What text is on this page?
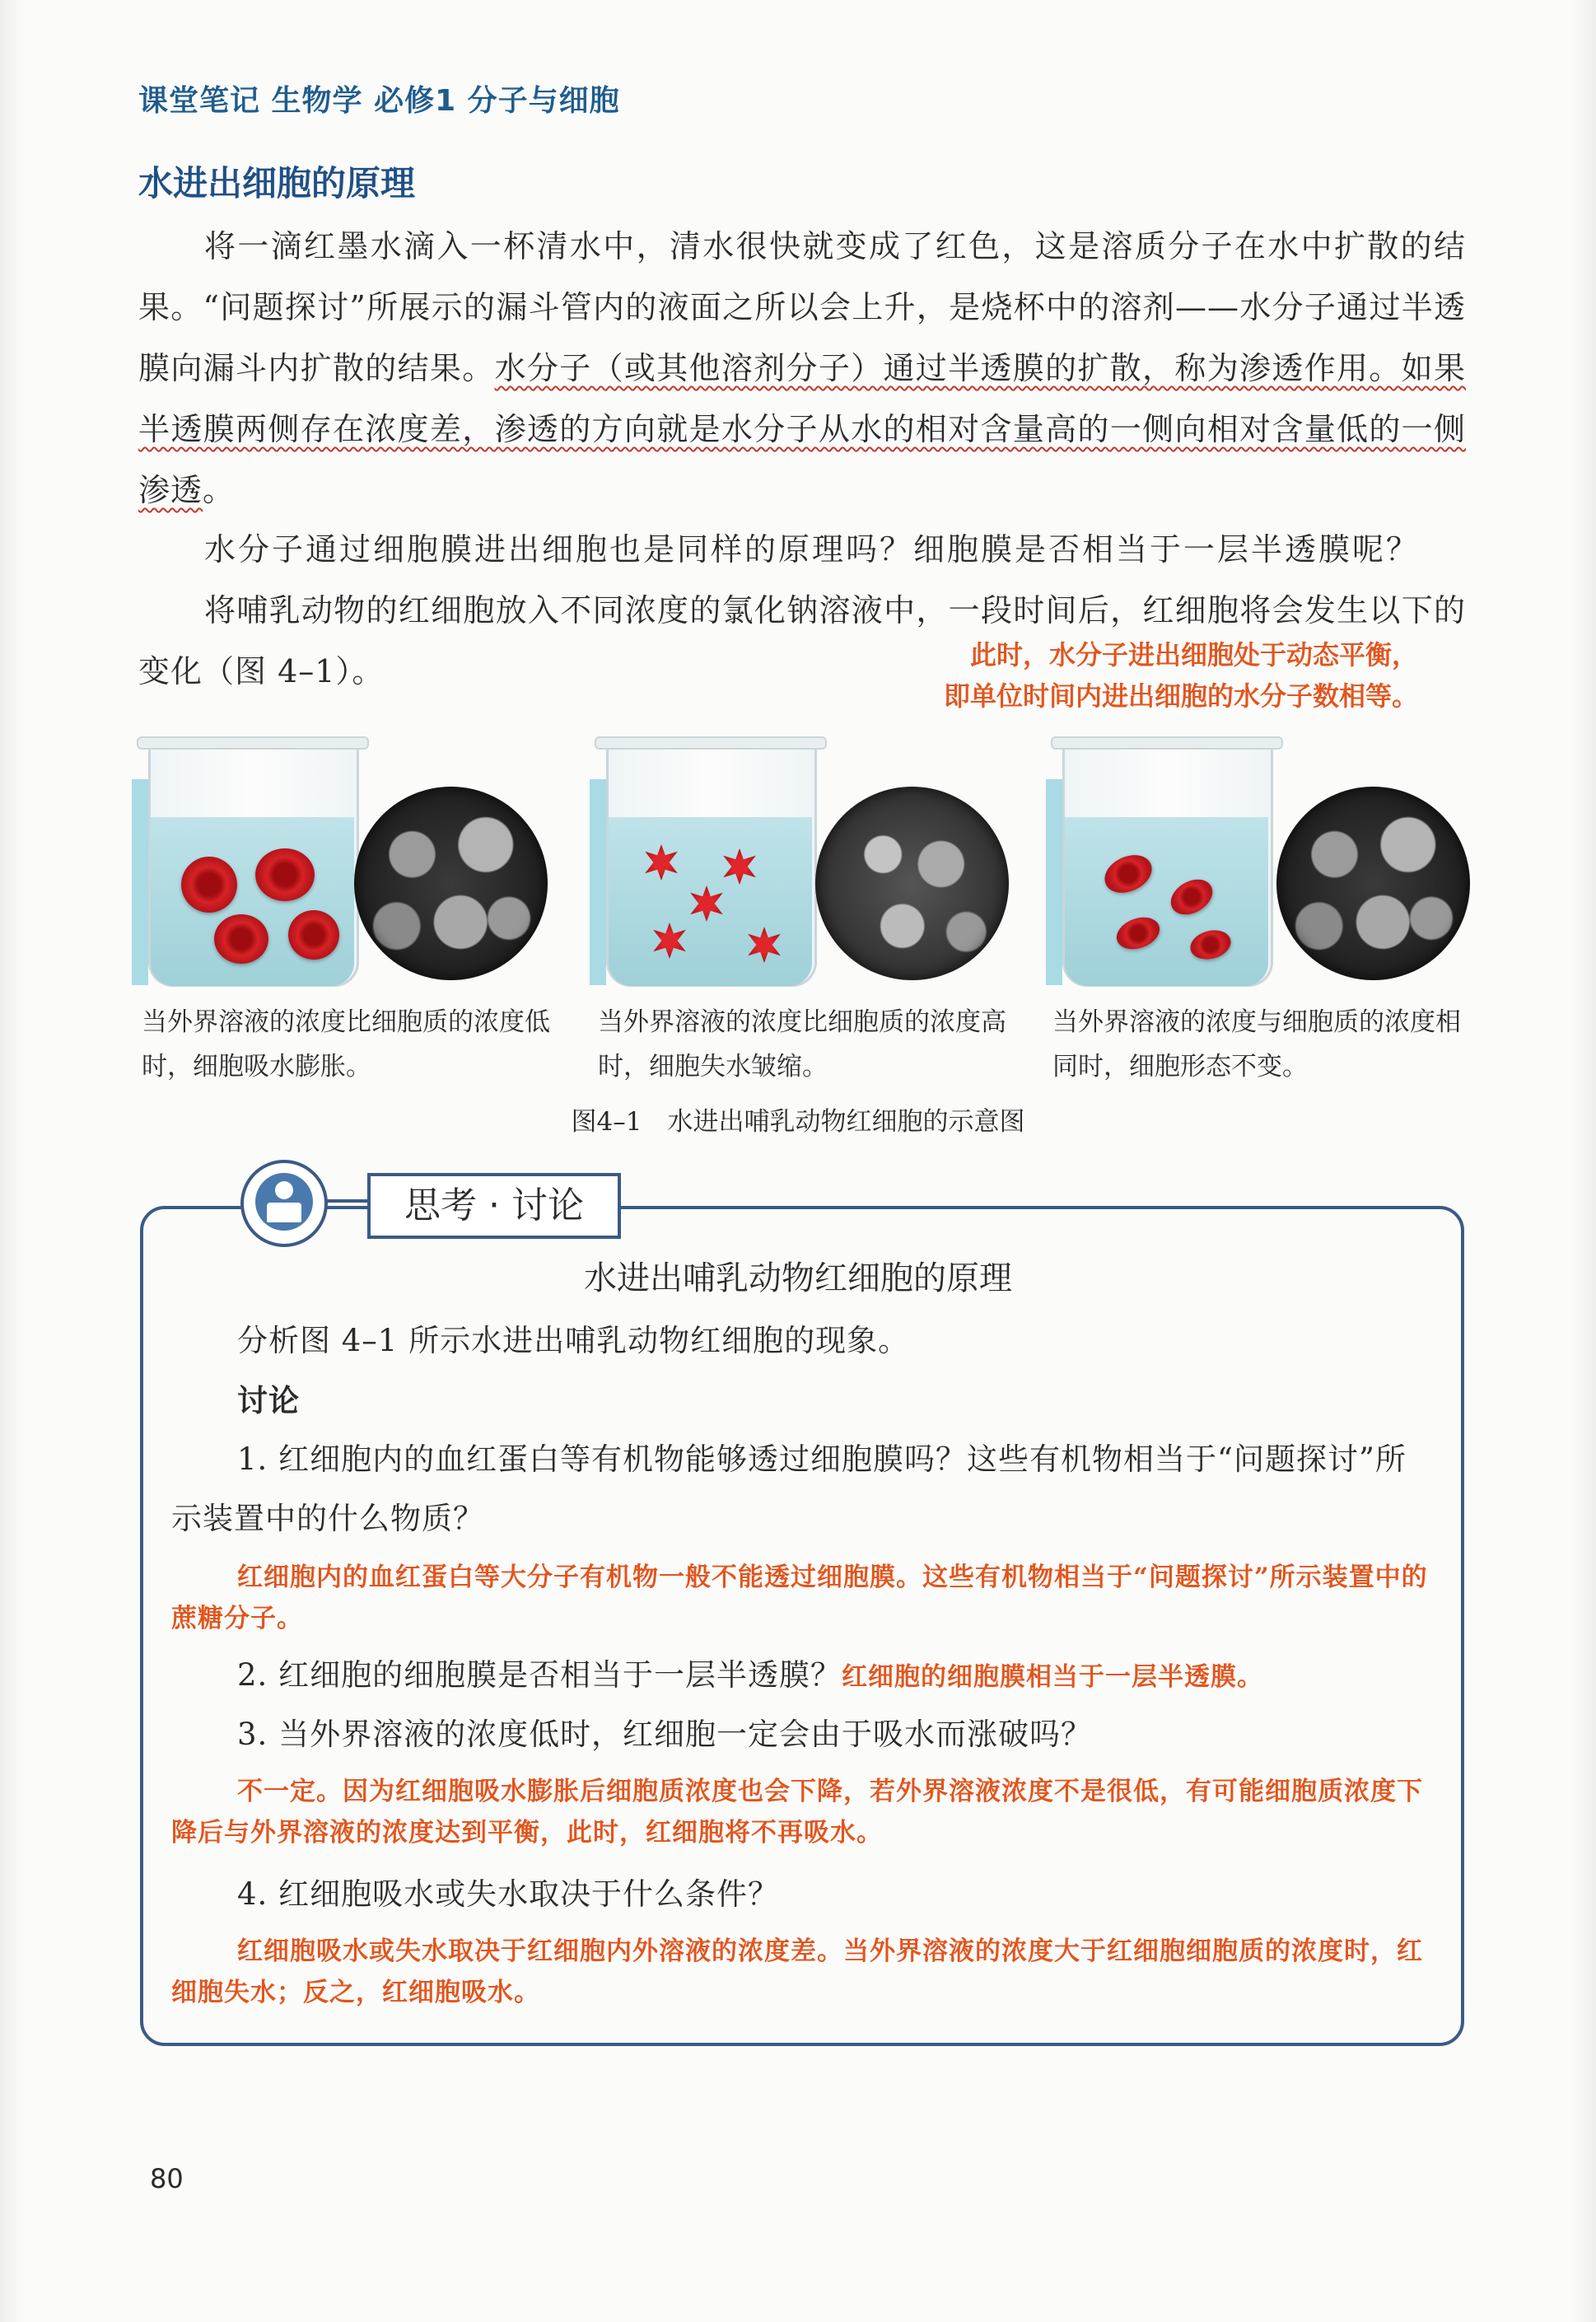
课堂笔记 生物学 必修1 分子与细胞
水进出细胞的原理
将一滴红墨水滴入一杯清水中，清水很快就变成了红色，这是溶质分子在水中扩散的结果。“问题探讨”所展示的漏斗管内的液面之所以会上升，是烧杯中的溶剂——水分子通过半透膜向漏斗内扩散的结果。水分子（或其他溶剂分子）通过半透膜的扩散，称为渗透作用。如果半透膜两侧存在浓度差，渗透的方向就是水分子从水的相对含量高的一侧向相对含量低的一侧渗透。
水分子通过细胞膜进出细胞也是同样的原理吗？细胞膜是否相当于一层半透膜呢？
将哺乳动物的红细胞放入不同浓度的氯化钠溶液中，一段时间后，红细胞将会发生以下的变化（图 4–1）。	此时，水分子进出细胞处于动态平衡，
即单位时间内进出细胞的水分子数相等。
当外界溶液的浓度比细胞质的浓度低时，细胞吸水膨胀。
当外界溶液的浓度比细胞质的浓度高时，细胞失水皱缩。
当外界溶液的浓度与细胞质的浓度相同时，细胞形态不变。
图4–1　水进出哺乳动物红细胞的示意图
思考 · 讨论
水进出哺乳动物红细胞的原理
分析图 4–1 所示水进出哺乳动物红细胞的现象。
讨论
1. 红细胞内的血红蛋白等有机物能够透过细胞膜吗？这些有机物相当于“问题探讨”所示装置中的什么物质？
红细胞内的血红蛋白等大分子有机物一般不能透过细胞膜。这些有机物相当于“问题探讨”所示装置中的蔗糖分子。
2. 红细胞的细胞膜是否相当于一层半透膜？红细胞的细胞膜相当于一层半透膜。
3. 当外界溶液的浓度低时，红细胞一定会由于吸水而涨破吗？
不一定。因为红细胞吸水膨胀后细胞质浓度也会下降，若外界溶液浓度不是很低，有可能细胞质浓度下降后与外界溶液的浓度达到平衡，此时，红细胞将不再吸水。
4. 红细胞吸水或失水取决于什么条件？
红细胞吸水或失水取决于红细胞内外溶液的浓度差。当外界溶液的浓度大于红细胞细胞质的浓度时，红细胞失水；反之，红细胞吸水。
80
